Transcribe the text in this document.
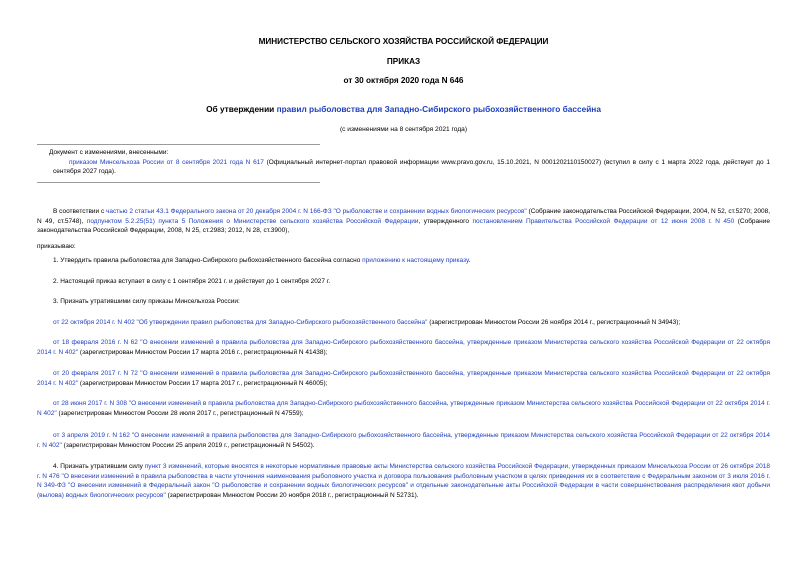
МИНИСТЕРСТВО СЕЛЬСКОГО ХОЗЯЙСТВА РОССИЙСКОЙ ФЕДЕРАЦИИ
ПРИКАЗ
от 30 октября 2020 года N 646
Об утверждении правил рыболовства для Западно-Сибирского рыбохозяйственного бассейна
(с изменениями на 8 сентября 2021 года)

Документ с изменениями, внесенными:

приказом Минсельхоза России от 8 сентября 2021 года N 617 (Официальный интернет-портал правовой информации www.pravo.gov.ru, 15.10.2021, N 0001202110150027) (вступил в силу с 1 марта 2022 года, действует до 1 сентября 2027 года).

В соответствии с частью 2 статьи 43.1 Федерального закона от 20 декабря 2004 г. N 166-ФЗ "О рыболовстве и сохранении водных биологических ресурсов" (Собрание законодательства Российской Федерации, 2004, N 52, ст.5270; 2008, N 49, ст.5748), подпунктом 5.2.25(51) пункта 5 Положения о Министерстве сельского хозяйства Российской Федерации, утвержденного постановлением Правительства Российской Федерации от 12 июня 2008 г. N 450 (Собрание законодательства Российской Федерации, 2008, N 25, ст.2983; 2012, N 28, ст.3900),

приказываю:

1. Утвердить правила рыболовства для Западно-Сибирского рыбохозяйственного бассейна согласно приложению к настоящему приказу.

2. Настоящий приказ вступает в силу с 1 сентября 2021 г. и действует до 1 сентября 2027 г.

3. Признать утратившими силу приказы Минсельхоза России:

от 22 октября 2014 г. N 402 "Об утверждении правил рыболовства для Западно-Сибирского рыбохозяйственного бассейна" (зарегистрирован Минюстом России 26 ноября 2014 г., регистрационный N 34943);

от 18 февраля 2016 г. N 62 "О внесении изменений в правила рыболовства для Западно-Сибирского рыбохозяйственного бассейна, утвержденные приказом Министерства сельского хозяйства Российской Федерации от 22 октября 2014 г. N 402" (зарегистрирован Минюстом России 17 марта 2016 г., регистрационный N 41438);

от 20 февраля 2017 г. N 72 "О внесении изменений в правила рыболовства для Западно-Сибирского рыбохозяйственного бассейна, утвержденные приказом Министерства сельского хозяйства Российской Федерации от 22 октября 2014 г. N 402" (зарегистрирован Минюстом России 17 марта 2017 г., регистрационный N 46005);

от 28 июня 2017 г. N 308 "О внесении изменений в правила рыболовства для Западно-Сибирского рыбохозяйственного бассейна, утвержденные приказом Министерства сельского хозяйства Российской Федерации от 22 октября 2014 г. N 402" (зарегистрирован Минюстом России 28 июля 2017 г., регистрационный N 47559);

от 3 апреля 2019 г. N 162 "О внесении изменений в правила рыболовства для Западно-Сибирского рыбохозяйственного бассейна, утвержденные приказом Министерства сельского хозяйства Российской Федерации от 22 октября 2014 г. N 402" (зарегистрирован Минюстом России 25 апреля 2019 г., регистрационный N 54502).

4. Признать утратившим силу пункт 3 изменений, которые вносятся в некоторые нормативные правовые акты Министерства сельского хозяйства Российской Федерации, утвержденных приказом Минсельхоза России от 26 октября 2018 г. N 476 "О внесении изменений в правила рыболовства в части уточнения наименования рыболовного участка и договора пользования рыболовным участком в целях приведения их в соответствие с Федеральным законом от 3 июля 2016 г. N 349-ФЗ "О внесении изменений в Федеральный закон "О рыболовстве и сохранении водных биологических ресурсов" и отдельные законодательные акты Российской Федерации в части совершенствования распределения квот добычи (вылова) водных биологических ресурсов" (зарегистрирован Минюстом России 20 ноября 2018 г., регистрационный N 52731).
